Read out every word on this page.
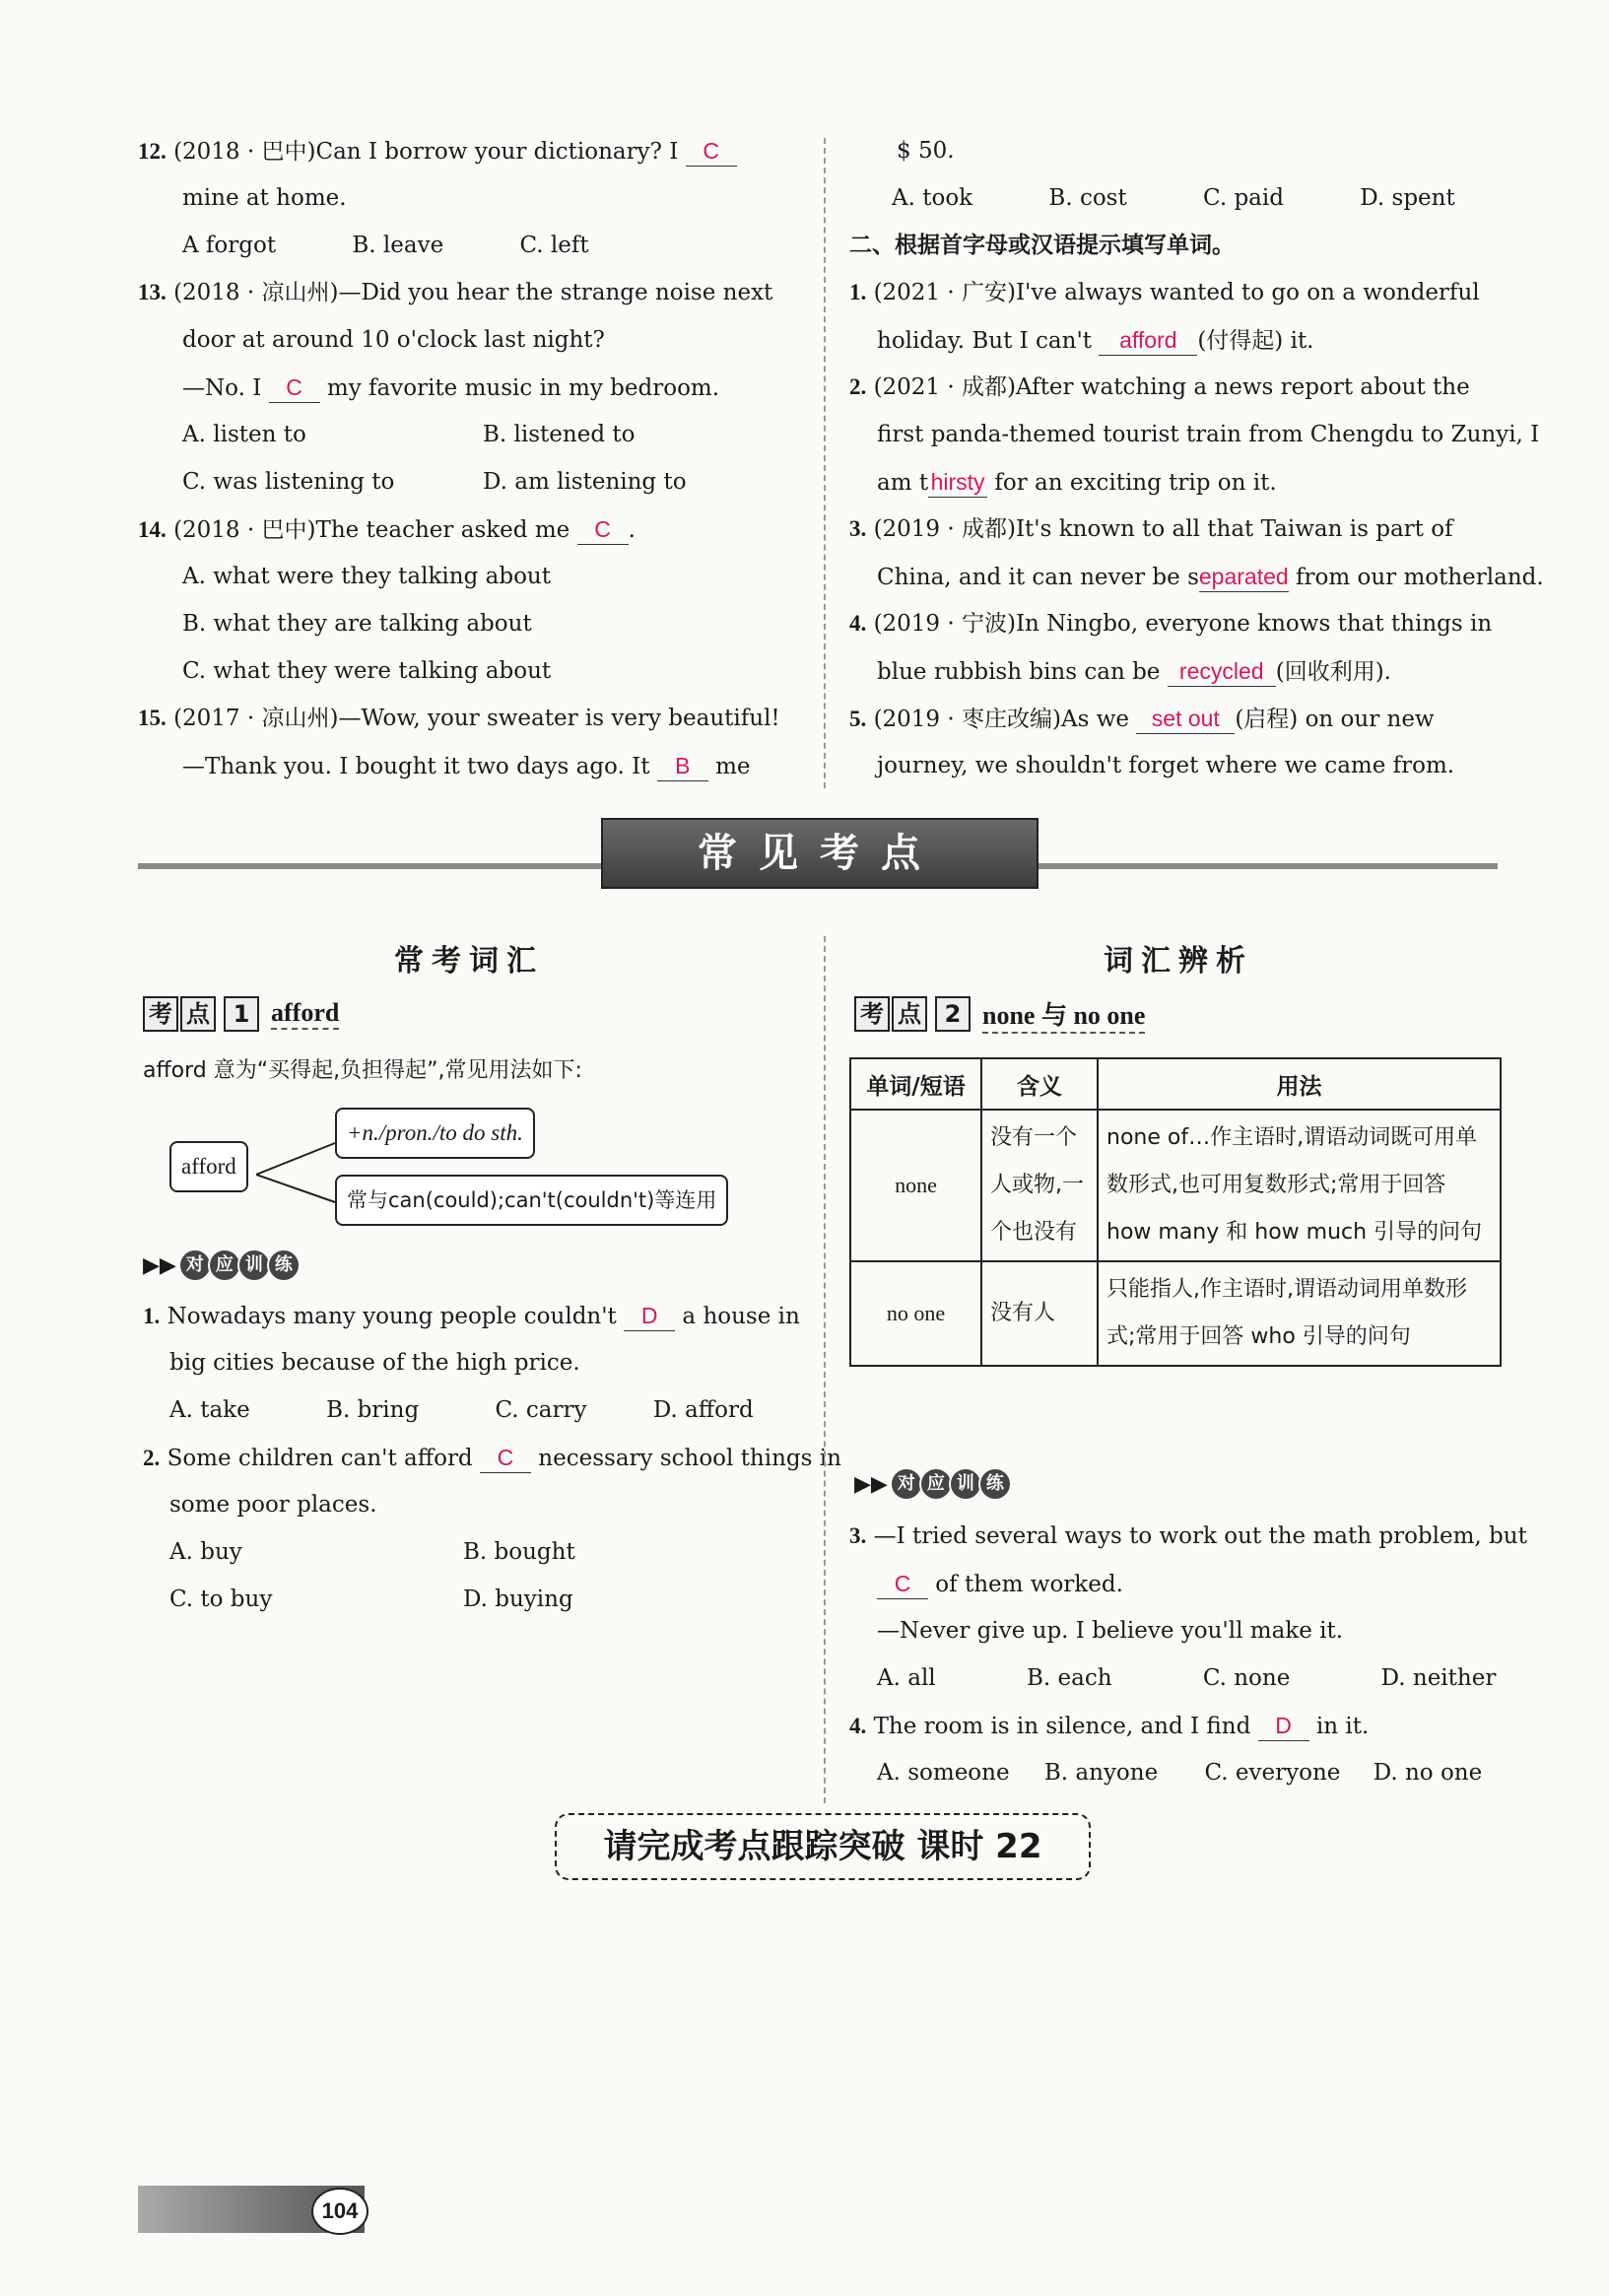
12. (2018 · 巴中)Can I borrow your dictionary? I C
mine at home.
A forgot	B. leave	C. left
13. (2018 · 凉山州)—Did you hear the strange noise next
door at around 10 o'clock last night?
—No. I C my favorite music in my bedroom.
A. listen to	B. listened to
C. was listening to	D. am listening to
14. (2018 · 巴中)The teacher asked me C .
A. what were they talking about
B. what they are talking about
C. what they were talking about
15. (2017 · 凉山州)—Wow, your sweater is very beautiful!
—Thank you. I bought it two days ago. It B me
$ 50.
A. took	B. cost	C. paid	D. spent
二、根据首字母或汉语提示填写单词。
1. (2021 · 广安)I've always wanted to go on a wonderful
holiday. But I can't afford (付得起) it.
2. (2021 · 成都)After watching a news report about the
first panda-themed tourist train from Chengdu to Zunyi, I
am t hirsty for an exciting trip on it.
3. (2019 · 成都)It's known to all that Taiwan is part of
China, and it can never be separated from our motherland.
4. (2019 · 宁波)In Ningbo, everyone knows that things in
blue rubbish bins can be recycled (回收利用).
5. (2019 · 枣庄改编)As we set out (启程) on our new
journey, we shouldn't forget where we came from.
常见考点
常考词汇
考 点 1 afford
afford 意为“买得起,负担得起”,常见用法如下:
afford
+n./pron./to do sth.
常与can(could);can't(couldn't)等连用
▶▶ 对 应 训 练
1. Nowadays many young people couldn't D a house in
big cities because of the high price.
A. take	B. bring	C. carry	D. afford
2. Some children can't afford C necessary school things in
some poor places.
A. buy	B. bought
C. to buy	D. buying
词汇辨析
考 点 2 none 与 no one
单词/短语	含义	用法
none	没有一个人或物,一个也没有	none of…作主语时,谓语动词既可用单数形式,也可用复数形式;常用于回答 how many 和 how much 引导的问句
no one	没有人	只能指人,作主语时,谓语动词用单数形式;常用于回答 who 引导的问句
▶▶ 对 应 训 练
3. —I tried several ways to work out the math problem, but
C of them worked.
—Never give up. I believe you'll make it.
A. all	B. each	C. none	D. neither
4. The room is in silence, and I find D in it.
A. someone B. anyone C. everyone D. no one
请完成考点跟踪突破 课时 22
104
